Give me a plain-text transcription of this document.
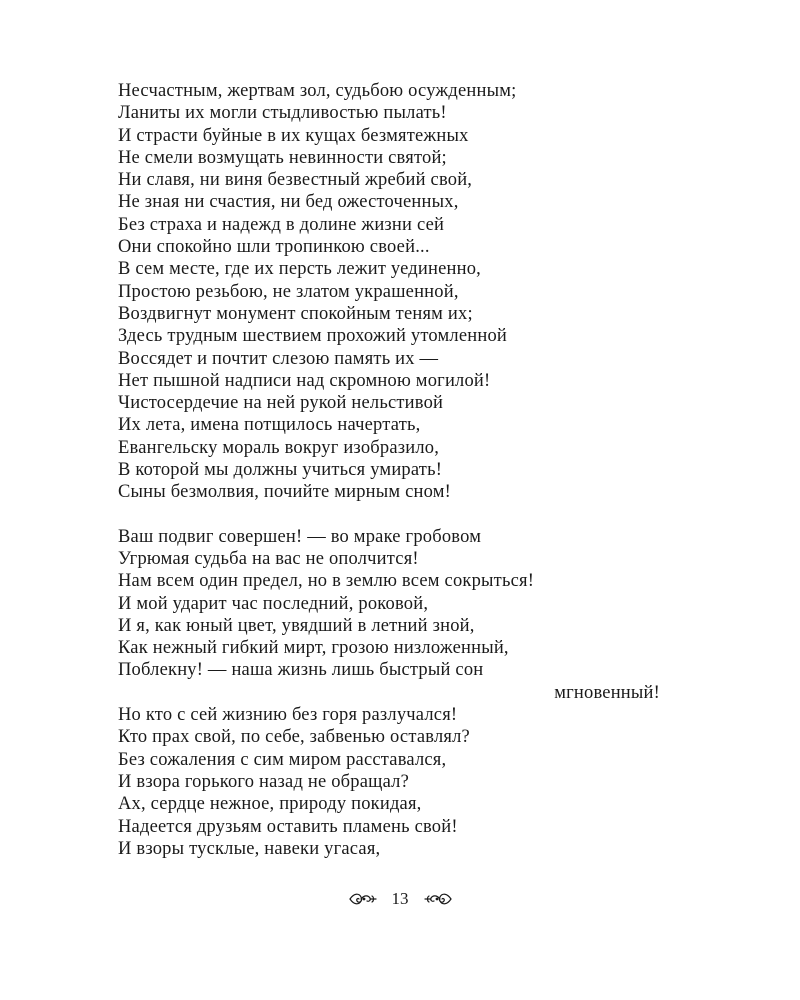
Несчастным, жертвам зол, судьбою осужденным;
Ланиты их могли стыдливостью пылать!
И страсти буйные в их кущах безмятежных
Не смели возмущать невинности святой;
Ни славя, ни виня безвестный жребий свой,
Не зная ни счастия, ни бед ожесточенных,
Без страха и надежд в долине жизни сей
Они спокойно шли тропинкою своей...
В сем месте, где их персть лежит уединенно,
Простою резьбою, не златом украшенной,
Воздвигнут монумент спокойным теням их;
Здесь трудным шествием прохожий утомленной
Воссядет и почтит слезою память их —
Нет пышной надписи над скромною могилой!
Чистосердечие на ней рукой нельстивой
Их лета, имена потщилось начертать,
Евангельску мораль вокруг изобразило,
В которой мы должны учиться умирать!
Сыны безмолвия, почийте мирным сном!
Ваш подвиг совершен! — во мраке гробовом
Угрюмая судьба на вас не ополчится!
Нам всем один предел, но в землю всем сокрыться!
И мой ударит час последний, роковой,
И я, как юный цвет, увядший в летний зной,
Как нежный гибкий мирт, грозою низложенный,
Поблекну! — наша жизнь лишь быстрый сон
мгновенный!
Но кто с сей жизнию без горя разлучался!
Кто прах свой, по себе, забвенью оставлял?
Без сожаления с сим миром расставался,
И взора горького назад не обращал?
Ах, сердце нежное, природу покидая,
Надеется друзьям оставить пламень свой!
И взоры тусклые, навеки угасая,
13
